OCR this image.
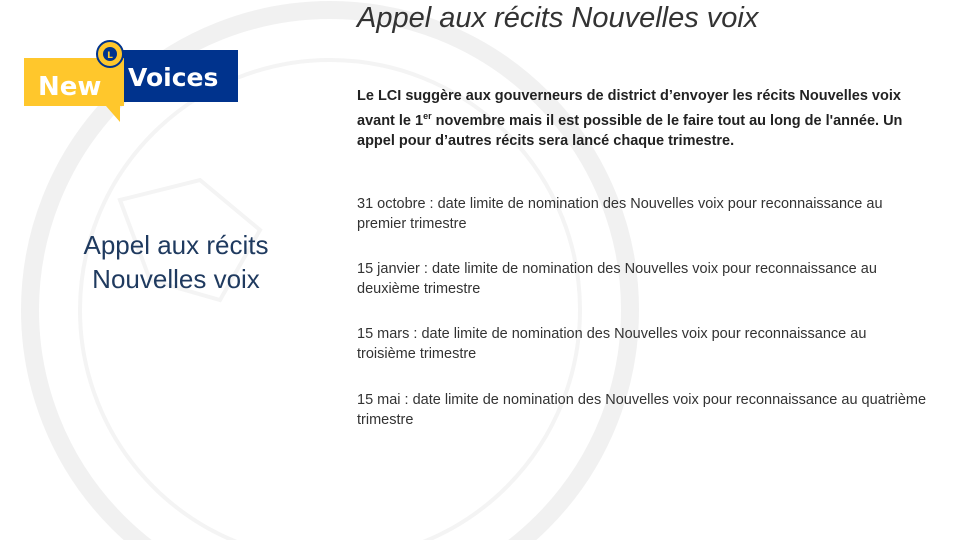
Appel aux récits Nouvelles voix
L
New Voices
Appel aux récits
Nouvelles voix

Le LCI suggère aux gouverneurs de district d’envoyer les récits Nouvelles voix avant le 1er novembre mais il est possible de le faire tout au long de l'année. Un appel pour d’autres récits sera lancé chaque trimestre.

31 octobre : date limite de nomination des Nouvelles voix pour reconnaissance au premier trimestre
15 janvier : date limite de nomination des Nouvelles voix pour reconnaissance au deuxième trimestre
15 mars : date limite de nomination des Nouvelles voix pour reconnaissance au troisième trimestre
15 mai : date limite de nomination des Nouvelles voix pour reconnaissance au quatrième trimestre
